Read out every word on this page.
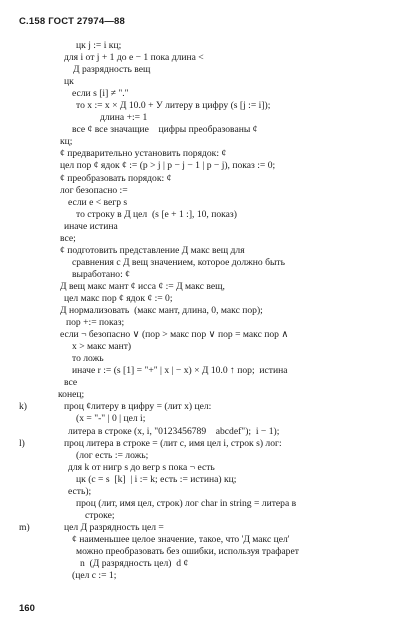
С.158 ГОСТ 27974—88
цк j := i кц;
для i от j + 1 до e − 1 пока длина <
Д разрядность вещ
цк
если s [i] ≠ "."
то x := x × Д 10.0 + У литеру в цифру (s [j := i]);
длина +:= 1
все ¢ все значащие    цифры преобразованы ¢
кц;
¢ предварительно установить порядок: ¢
цел пор ¢ ядок ¢ := (p > j | p − j − 1 | p − j), показ := 0;
¢ преобразовать порядок: ¢
лог безопасно :=
если e < вегр s
то строку в Д цел  (s [e + 1 :], 10, показ)
иначе истина
все;
¢ подготовить представление Д макс вещ для
сравнения с Д вещ значением, которое должно быть
выработано: ¢
Д вещ макс мант ¢ исса ¢ := Д макс вещ,
цел макс пор ¢ ядок ¢ := 0;
Д нормализовать  (макс мант, длина, 0, макс пор);
пор +:= показ;
если ¬ безопасно ∨ (пор > макс пор ∨ пор = макс пор ∧
x > макс мант)
то ложь
иначе r := (s [1] = "+" | x | − x) × Д 10.0 ↑ пор;  истина
все
конец;
k)	проц ¢литеру в цифру = (лит x) цел:
(x = "-" | 0 | цел i;
литера в строке (x, i, "0123456789    abcdef");  i − 1);
l)	проц литера в строке = (лит c, имя цел i, строк s) лог:
(лог есть := ложь;
для k от нигр s до вегр s пока ¬ есть
цк (c = s  [k]  | i := k; есть := истина) кц;
есть);
проц (лит, имя цел, строк) лог char in string = литера в
строке;
m)	цел Д разрядность цел =
¢ наименьшее целое значение, такое, что 'Д макс цел'
можно преобразовать без ошибки, используя трафарет
n  (Д разрядность цел)  d ¢
(цел c := 1;
160
